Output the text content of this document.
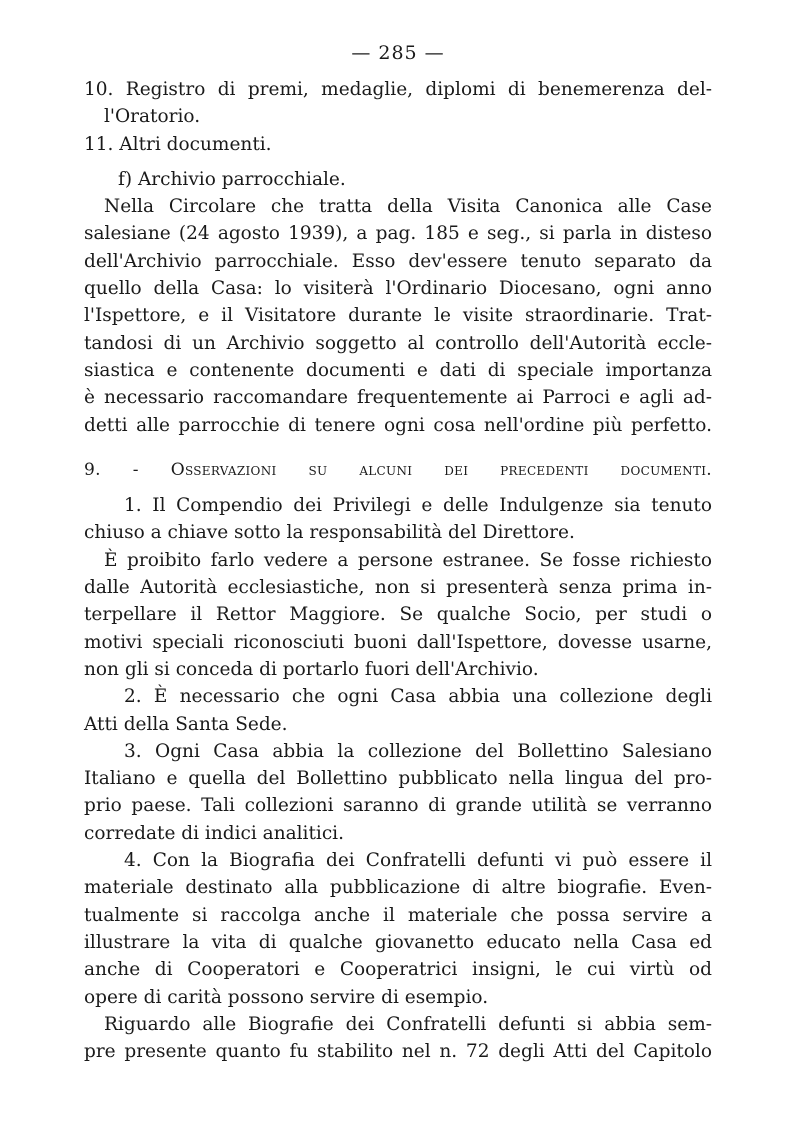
— 285 —
10. Registro di premi, medaglie, diplomi di benemerenza del-
l'Oratorio.
11. Altri documenti.
f) Archivio parrocchiale.
Nella Circolare che tratta della Visita Canonica alle Case
salesiane (24 agosto 1939), a pag. 185 e seg., si parla in disteso
dell'Archivio parrocchiale. Esso dev'essere tenuto separato da
quello della Casa: lo visiterà l'Ordinario Diocesano, ogni anno
l'Ispettore, e il Visitatore durante le visite straordinarie. Trat-
tandosi di un Archivio soggetto al controllo dell'Autorità eccle-
siastica e contenente documenti e dati di speciale importanza
è necessario raccomandare frequentemente ai Parroci e agli ad-
detti alle parrocchie di tenere ogni cosa nell'ordine più perfetto.
9. - Osservazioni su alcuni dei precedenti documenti.
1. Il Compendio dei Privilegi e delle Indulgenze sia tenuto
chiuso a chiave sotto la responsabilità del Direttore.
È proibito farlo vedere a persone estranee. Se fosse richiesto
dalle Autorità ecclesiastiche, non si presenterà senza prima in-
terpellare il Rettor Maggiore. Se qualche Socio, per studi o
motivi speciali riconosciuti buoni dall'Ispettore, dovesse usarne,
non gli si conceda di portarlo fuori dell'Archivio.
2. È necessario che ogni Casa abbia una collezione degli
Atti della Santa Sede.
3. Ogni Casa abbia la collezione del Bollettino Salesiano
Italiano e quella del Bollettino pubblicato nella lingua del pro-
prio paese. Tali collezioni saranno di grande utilità se verranno
corredate di indici analitici.
4. Con la Biografia dei Confratelli defunti vi può essere il
materiale destinato alla pubblicazione di altre biografie. Even-
tualmente si raccolga anche il materiale che possa servire a
illustrare la vita di qualche giovanetto educato nella Casa ed
anche di Cooperatori e Cooperatrici insigni, le cui virtù od
opere di carità possono servire di esempio.
Riguardo alle Biografie dei Confratelli defunti si abbia sem-
pre presente quanto fu stabilito nel n. 72 degli Atti del Capitolo
